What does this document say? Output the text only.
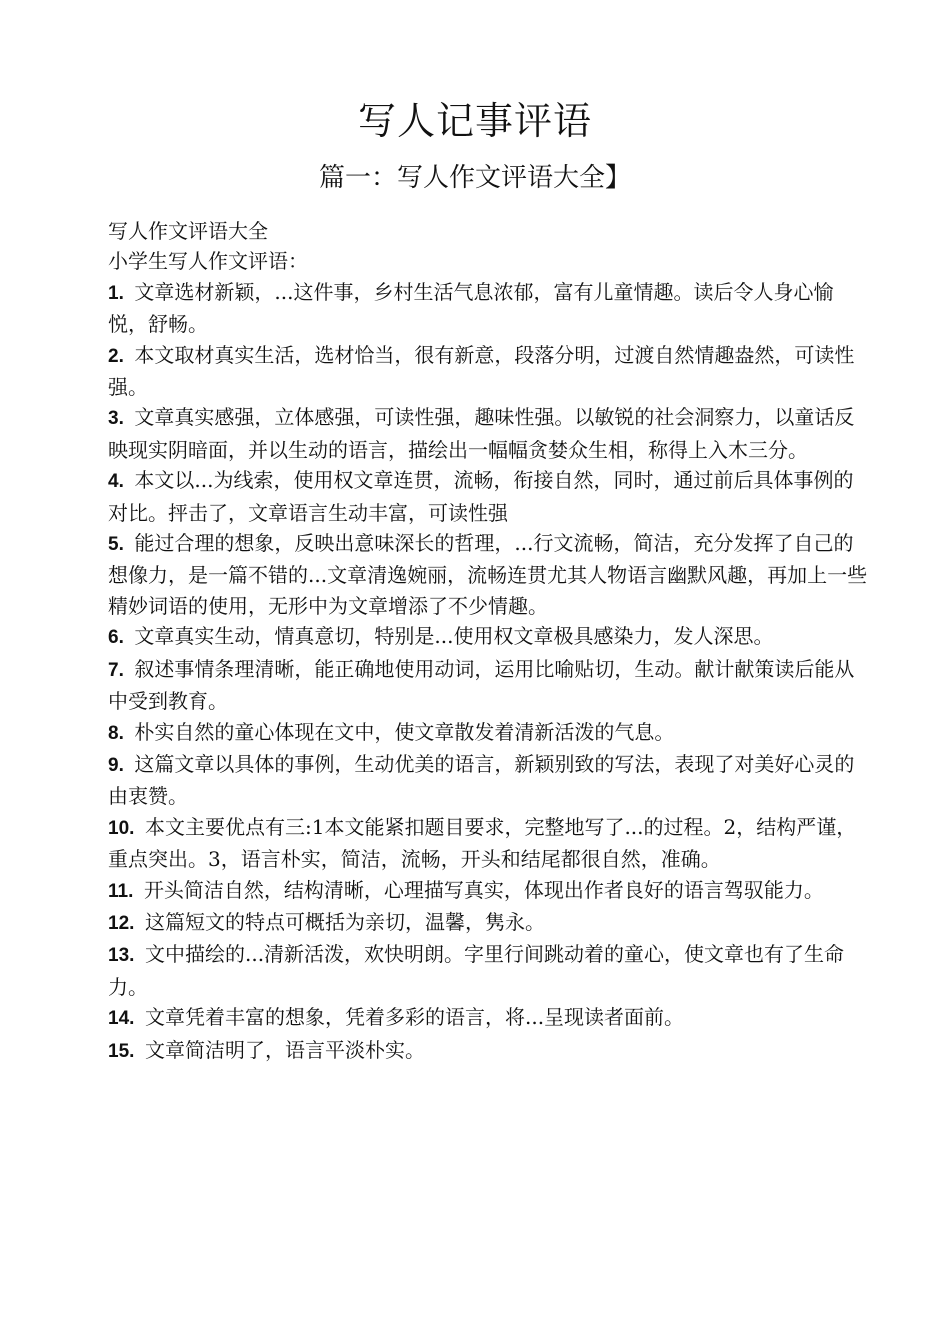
写人记事评语
篇一：写人作文评语大全】

写人作文评语大全

小学生写人作文评语：

1. 文章选材新颖，...这件事，乡村生活气息浓郁，富有儿童情趣。读后令人身心愉悦，舒畅。

2. 本文取材真实生活，选材恰当，很有新意，段落分明，过渡自然情趣盎然，可读性强。

3. 文章真实感强，立体感强，可读性强，趣味性强。以敏锐的社会洞察力，以童话反映现实阴暗面，并以生动的语言，描绘出一幅幅贪婪众生相，称得上入木三分。

4. 本文以...为线索，使用权文章连贯，流畅，衔接自然，同时，通过前后具体事例的对比。抨击了，文章语言生动丰富，可读性强

5. 能过合理的想象，反映出意味深长的哲理，...行文流畅，简洁，充分发挥了自己的想像力，是一篇不错的...文章清逸婉丽，流畅连贯尤其人物语言幽默风趣，再加上一些精妙词语的使用，无形中为文章增添了不少情趣。

6. 文章真实生动，情真意切，特别是...使用权文章极具感染力，发人深思。

7. 叙述事情条理清晰，能正确地使用动词，运用比喻贴切，生动。献计献策读后能从中受到教育。

8. 朴实自然的童心体现在文中，使文章散发着清新活泼的气息。

9. 这篇文章以具体的事例，生动优美的语言，新颖别致的写法，表现了对美好心灵的由衷赞。

10. 本文主要优点有三:1本文能紧扣题目要求，完整地写了...的过程。2，结构严谨，重点突出。3，语言朴实，简洁，流畅，开头和结尾都很自然，准确。

11. 开头简洁自然，结构清晰，心理描写真实，体现出作者良好的语言驾驭能力。

12. 这篇短文的特点可概括为亲切，温馨，隽永。

13. 文中描绘的...清新活泼，欢快明朗。字里行间跳动着的童心，使文章也有了生命力。

14. 文章凭着丰富的想象，凭着多彩的语言，将...呈现读者面前。

15. 文章简洁明了，语言平淡朴实。
